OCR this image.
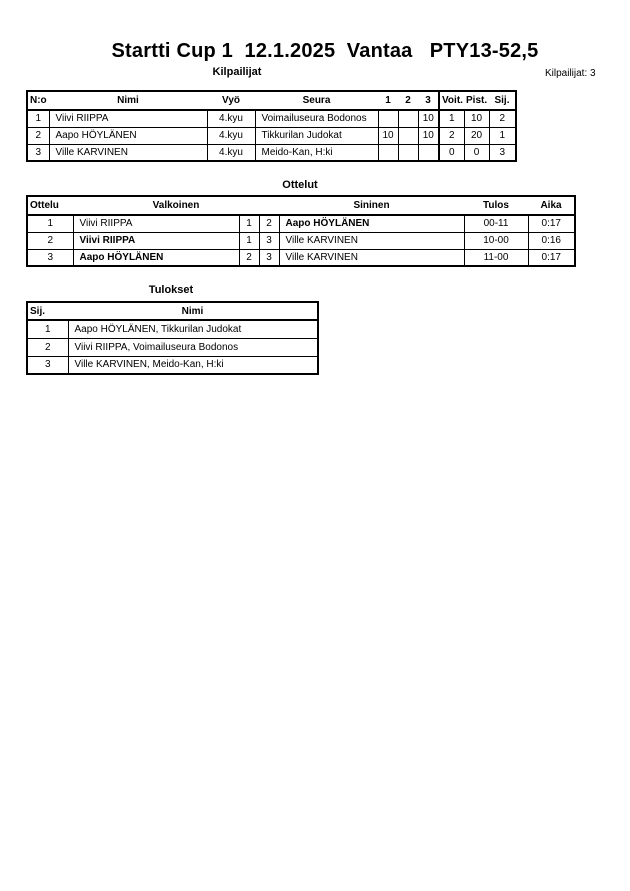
Startti Cup 1  12.1.2025  Vantaa   PTY13-52,5
Kilpailijat	Kilpailijat: 3
N:o	Nimi	Vyö	Seura	1	2	3	Voit.	Pist.	Sij.
1	Viivi RIIPPA	4.kyu	Voimailuseura Bodonos			10	1	10	2
2	Aapo HÖYLÄNEN	4.kyu	Tikkurilan Judokat	10		10	2	20	1
3	Ville KARVINEN	4.kyu	Meido-Kan, H:ki				0	0	3
Ottelut
Ottelu	Valkoinen			Sininen	Tulos	Aika
1	Viivi RIIPPA	1	2	Aapo HÖYLÄNEN	00-11	0:17
2	Viivi RIIPPA	1	3	Ville KARVINEN	10-00	0:16
3	Aapo HÖYLÄNEN	2	3	Ville KARVINEN	11-00	0:17
Tulokset
Sij.	Nimi
1	Aapo HÖYLÄNEN, Tikkurilan Judokat
2	Viivi RIIPPA, Voimailuseura Bodonos
3	Ville KARVINEN, Meido-Kan, H:ki
